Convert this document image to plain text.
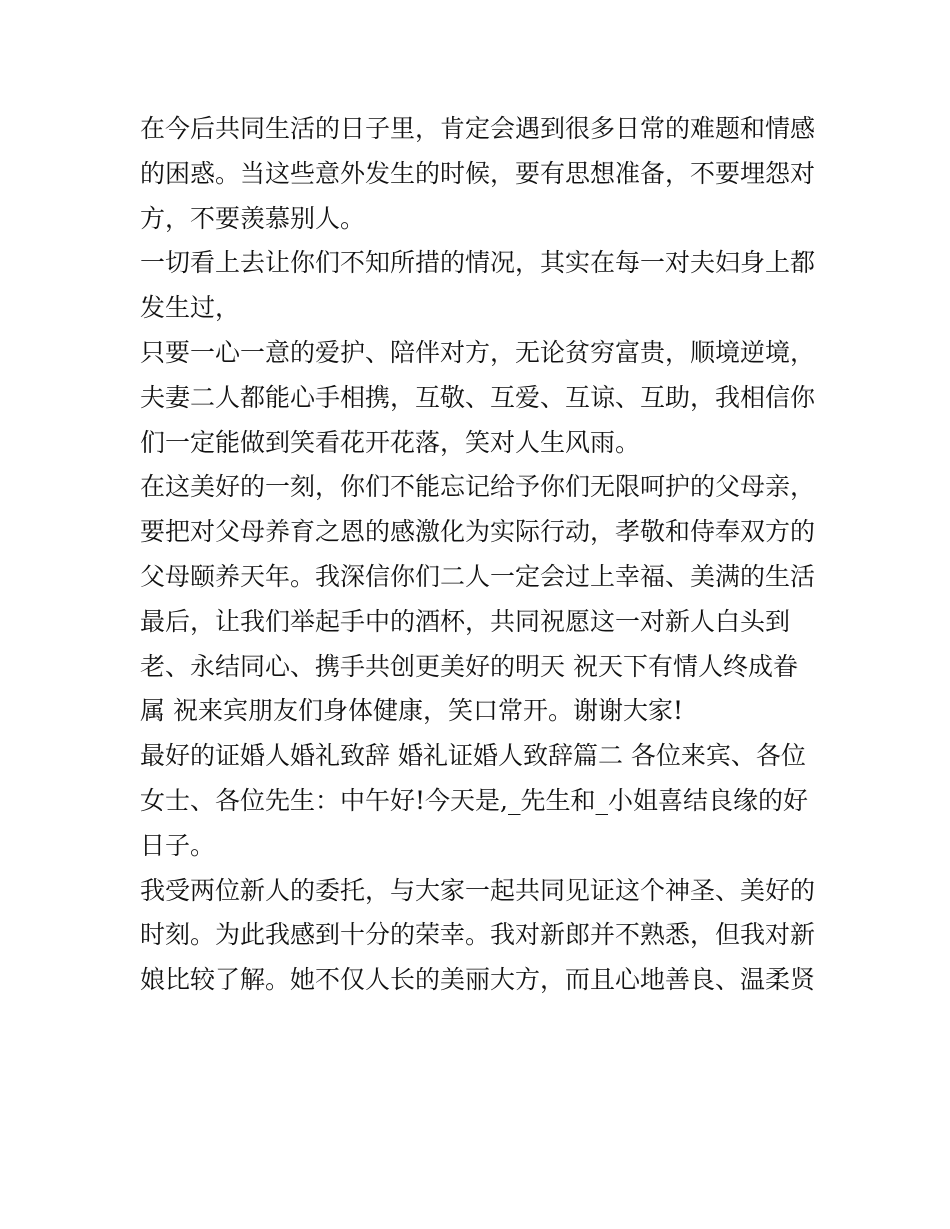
在今后共同生活的日子里，肯定会遇到很多日常的难题和情感
的困惑。当这些意外发生的时候，要有思想准备，不要埋怨对
方，不要羡慕别人。
一切看上去让你们不知所措的情况，其实在每一对夫妇身上都
发生过，
只要一心一意的爱护、陪伴对方，无论贫穷富贵，顺境逆境，
夫妻二人都能心手相携，互敬、互爱、互谅、互助，我相信你
们一定能做到笑看花开花落，笑对人生风雨。
在这美好的一刻，你们不能忘记给予你们无限呵护的父母亲，
要把对父母养育之恩的感激化为实际行动，孝敬和侍奉双方的
父母颐养天年。我深信你们二人一定会过上幸福、美满的生活
最后，让我们举起手中的酒杯，共同祝愿这一对新人白头到
老、永结同心、携手共创更美好的明天 祝天下有情人终成眷
属 祝来宾朋友们身体健康，笑口常开。谢谢大家!
最好的证婚人婚礼致辞 婚礼证婚人致辞篇二 各位来宾、各位
女士、各位先生：中午好!今天是,_先生和_小姐喜结良缘的好
日子。
我受两位新人的委托，与大家一起共同见证这个神圣、美好的
时刻。为此我感到十分的荣幸。我对新郎并不熟悉，但我对新
娘比较了解。她不仅人长的美丽大方，而且心地善良、温柔贤
